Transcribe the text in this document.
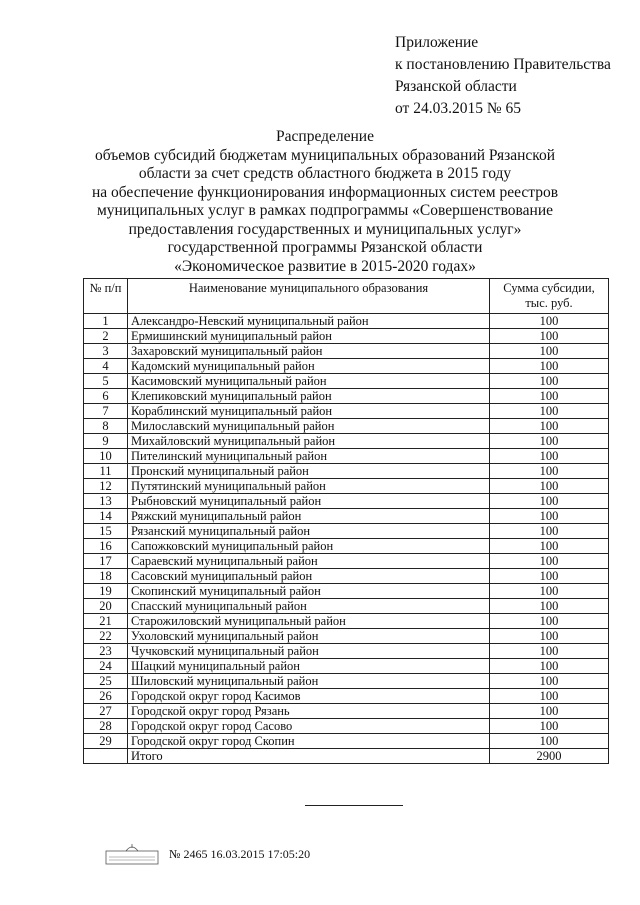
Приложение
к постановлению Правительства
Рязанской области
от 24.03.2015 № 65
Распределение
объемов субсидий бюджетам муниципальных образований Рязанской
области за счет средств областного бюджета в 2015 году
на обеспечение функционирования информационных систем реестров
муниципальных услуг в рамках подпрограммы «Совершенствование
предоставления государственных и муниципальных услуг»
государственной программы Рязанской области
«Экономическое развитие в 2015-2020 годах»
№ п/п	Наименование муниципального образования	Сумма субсидии, тыс. руб.
1	Александро-Невский муниципальный район	100
2	Ермишинский муниципальный район	100
3	Захаровский муниципальный район	100
4	Кадомский муниципальный район	100
5	Касимовский муниципальный район	100
6	Клепиковский муниципальный район	100
7	Кораблинский муниципальный район	100
8	Милославский муниципальный район	100
9	Михайловский муниципальный район	100
10	Пителинский муниципальный район	100
11	Пронский муниципальный район	100
12	Путятинский муниципальный район	100
13	Рыбновский муниципальный район	100
14	Ряжский муниципальный район	100
15	Рязанский муниципальный район	100
16	Сапожковский муниципальный район	100
17	Сараевский муниципальный район	100
18	Сасовский муниципальный район	100
19	Скопинский муниципальный район	100
20	Спасский муниципальный район	100
21	Старожиловский муниципальный район	100
22	Ухоловский муниципальный район	100
23	Чучковский муниципальный район	100
24	Шацкий муниципальный район	100
25	Шиловский муниципальный район	100
26	Городской округ город Касимов	100
27	Городской округ город Рязань	100
28	Городской округ город Сасово	100
29	Городской округ город Скопин	100
	Итого	2900
№ 2465 16.03.2015 17:05:20
